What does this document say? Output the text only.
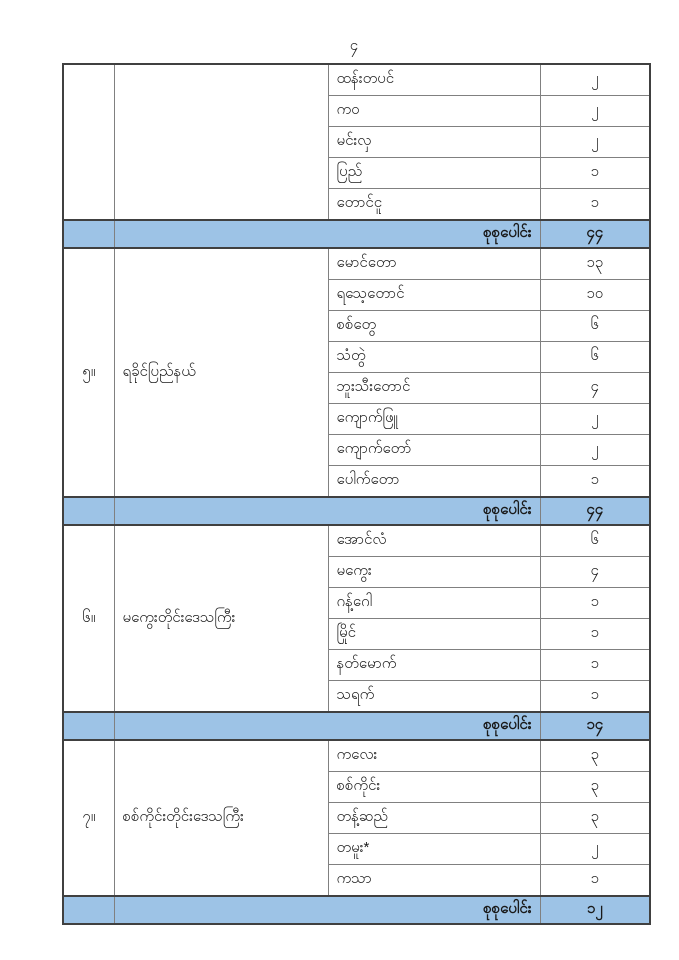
၄
		ထန်းတပင်	၂
		ကဝ	၂
		မင်းလှ	၂
		ပြည်	၁
		တောင်ငူ	၁
	စုစုပေါင်း		၄၄
၅။	ရခိုင်ပြည်နယ်	မောင်တော	၁၃
		ရသေ့တောင်	၁၀
		စစ်တွေ	၆
		သံတွဲ	၆
		ဘူးသီးတောင်	၄
		ကျောက်ဖြူ	၂
		ကျောက်တော်	၂
		ပေါက်တော	၁
	စုစုပေါင်း		၄၄
၆။	မကွေးတိုင်းဒေသကြီး	အောင်လံ	၆
		မကွေး	၄
		ဂန့်ဂေါ	၁
		မြိုင်	၁
		နတ်မောက်	၁
		သရက်	၁
	စုစုပေါင်း		၁၄
၇။	စစ်ကိုင်းတိုင်းဒေသကြီး	ကလေး	၃
		စစ်ကိုင်း	၃
		တန့်ဆည်	၃
		တမူး*	၂
		ကသာ	၁
	စုစုပေါင်း		၁၂
